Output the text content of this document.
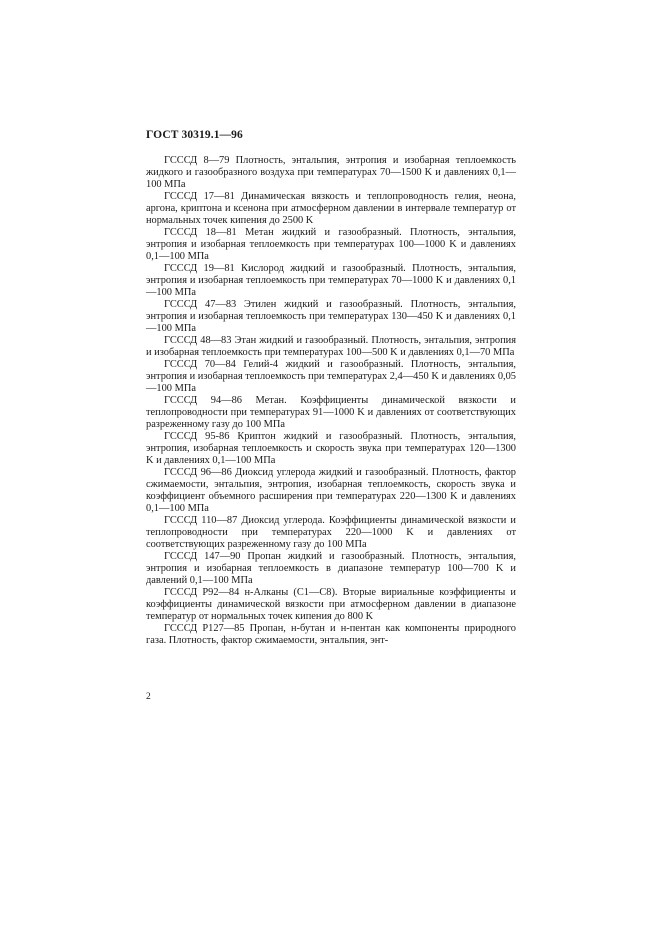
ГОСТ 30319.1—96

ГСССД 8—79 Плотность, энтальпия, энтропия и изобарная теплоемкость жидкого и газообразного воздуха при температурах 70—1500 K и давлениях 0,1—100 МПа

ГСССД 17—81 Динамическая вязкость и теплопроводность гелия, неона, аргона, криптона и ксенона при атмосферном давлении в интервале температур от нормальных точек кипения до 2500 K

ГСССД 18—81 Метан жидкий и газообразный. Плотность, энтальпия, энтропия и изобарная теплоемкость при температурах 100—1000 K и давлениях 0,1—100 МПа

ГСССД 19—81 Кислород жидкий и газообразный. Плотность, энтальпия, энтропия и изобарная теплоемкость при температурах 70—1000 K и давлениях 0,1—100 МПа

ГСССД 47—83 Этилен жидкий и газообразный. Плотность, энтальпия, энтропия и изобарная теплоемкость при температурах 130—450 K и давлениях 0,1—100 МПа

ГСССД 48—83 Этан жидкий и газообразный. Плотность, энтальпия, энтропия и изобарная теплоемкость при температурах 100—500 K и давлениях 0,1—70 МПа

ГСССД 70—84 Гелий-4 жидкий и газообразный. Плотность, энтальпия, энтропия и изобарная теплоемкость при температурах 2,4—450 K и давлениях 0,05—100 МПа

ГСССД 94—86 Метан. Коэффициенты динамической вязкости и теплопроводности при температурах 91—1000 K и давлениях от соответствующих разреженному газу до 100 МПа

ГСССД 95-86 Криптон жидкий и газообразный. Плотность, энтальпия, энтропия, изобарная теплоемкость и скорость звука при температурах 120—1300 K и давлениях 0,1—100 МПа

ГСССД 96—86 Диоксид углерода жидкий и газообразный. Плотность, фактор сжимаемости, энтальпия, энтропия, изобарная теплоемкость, скорость звука и коэффициент объемного расширения при температурах 220—1300 K и давлениях 0,1—100 МПа

ГСССД 110—87 Диоксид углерода. Коэффициенты динамической вязкости и теплопроводности при температурах 220—1000 K и давлениях от соответствующих разреженному газу до 100 МПа

ГСССД 147—90 Пропан жидкий и газообразный. Плотность, энтальпия, энтропия и изобарная теплоемкость в диапазоне температур 100—700 K и давлений 0,1—100 МПа

ГСССД Р92—84 н-Алканы (С1—С8). Вторые вириальные коэффициенты и коэффициенты динамической вязкости при атмосферном давлении в диапазоне температур от нормальных точек кипения до 800 K

ГСССД Р127—85 Пропан, н-бутан и н-пентан как компоненты природного газа. Плотность, фактор сжимаемости, энтальпия, энт-

2
